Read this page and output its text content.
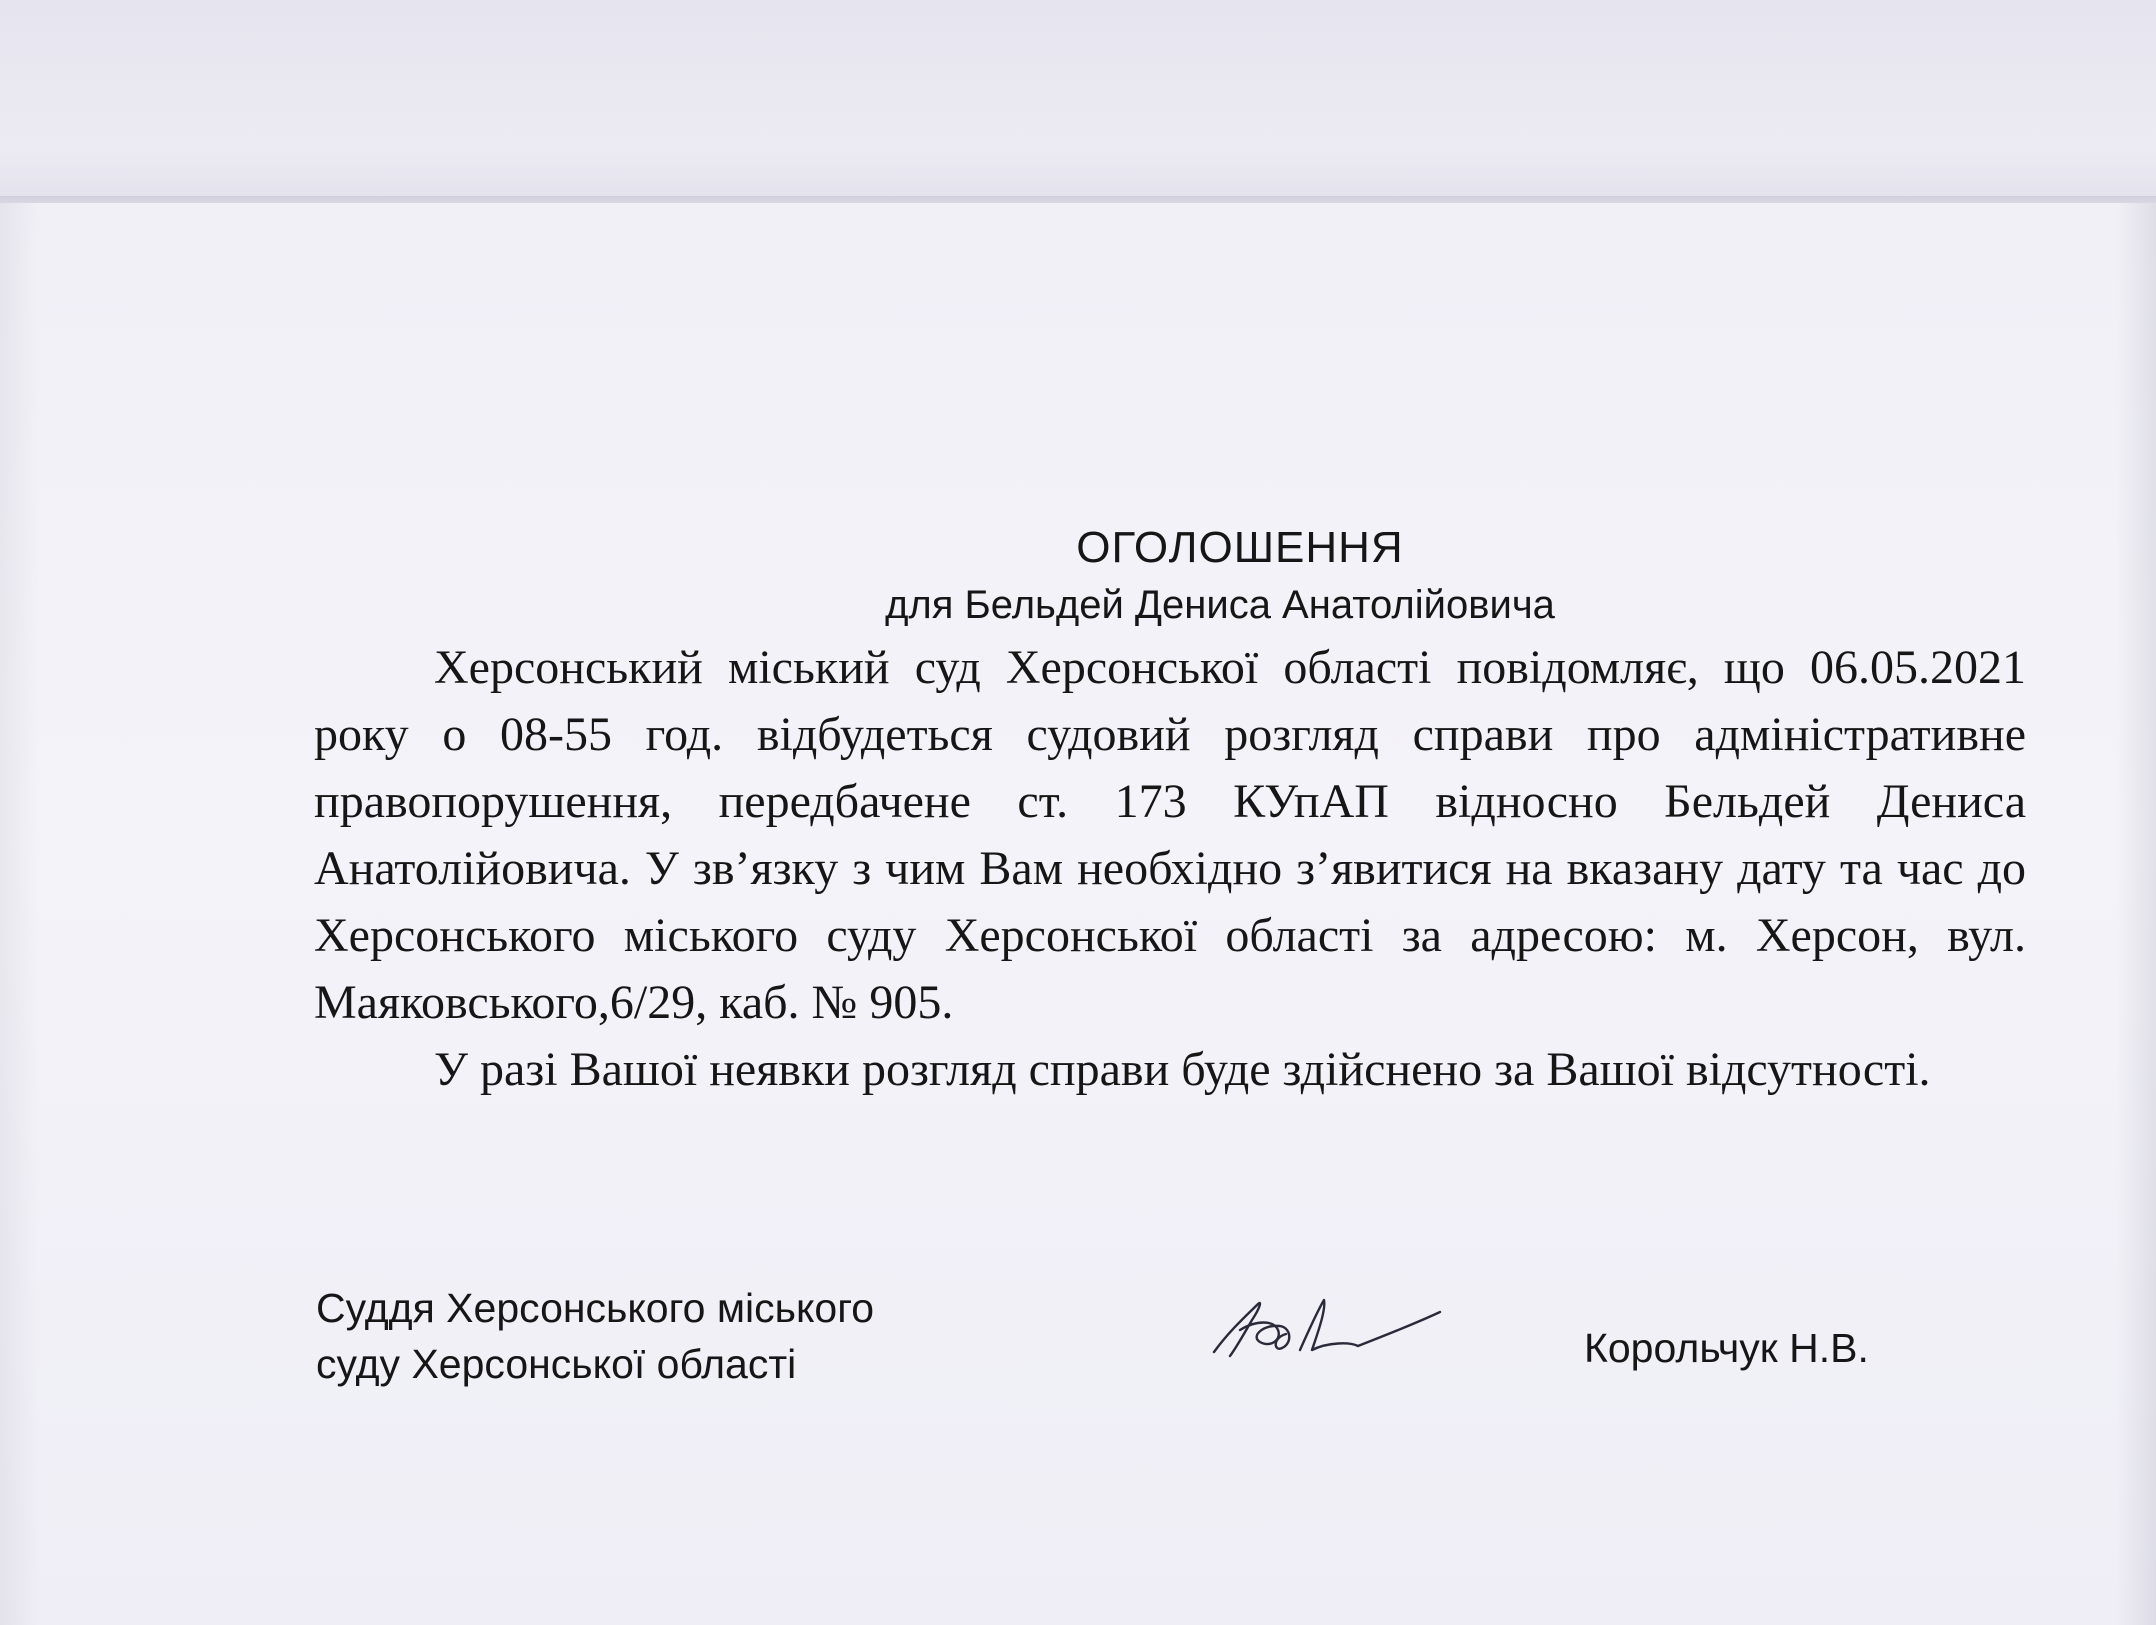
ОГОЛОШЕННЯ
для Бельдей Дениса Анатолійовича

Херсонський міський суд Херсонської області повідомляє, що 06.05.2021 року о 08-55 год. відбудеться судовий розгляд справи про адміністративне правопорушення, передбачене ст. 173 КУпАП відносно Бельдей Дениса Анатолійовича. У зв’язку з чим Вам необхідно з’явитися на вказану дату та час до Херсонського міського суду Херсонської області за адресою: м. Херсон, вул. Маяковського,6/29, каб. № 905.

У разі Вашої неявки розгляд справи буде здійснено за Вашої відсутності.

Суддя Херсонського міського
суду Херсонської області	Корольчук Н.В.
